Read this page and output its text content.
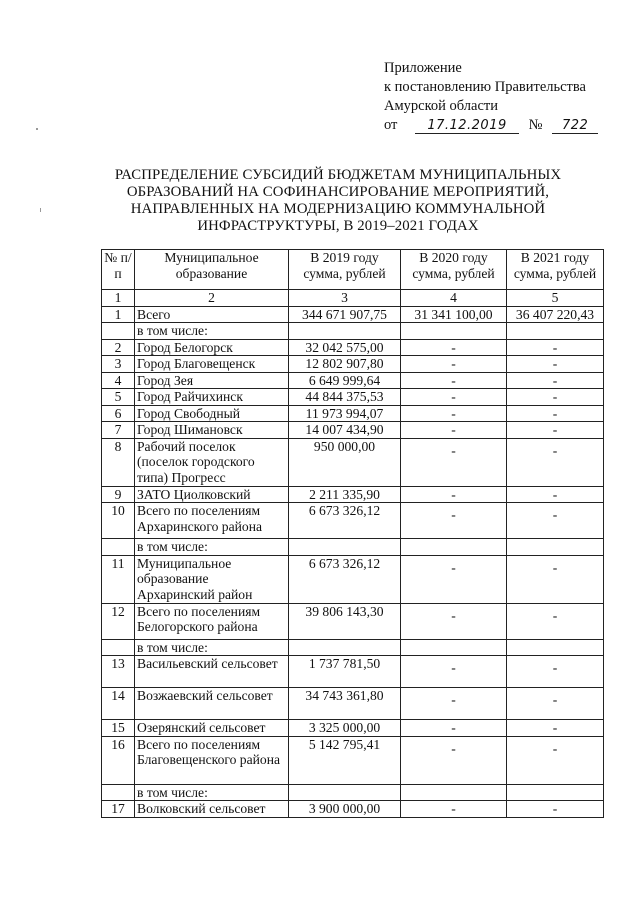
Приложение
к постановлению Правительства
Амурской области
от 17.12.2019 № 722
РАСПРЕДЕЛЕНИЕ СУБСИДИЙ БЮДЖЕТАМ МУНИЦИПАЛЬНЫХ
ОБРАЗОВАНИЙ НА СОФИНАНСИРОВАНИЕ МЕРОПРИЯТИЙ,
НАПРАВЛЕННЫХ НА МОДЕРНИЗАЦИЮ КОММУНАЛЬНОЙ
ИНФРАСТРУКТУРЫ, В 2019–2021 ГОДАХ
№ п/п	Муниципальное образование	В 2019 году сумма, рублей	В 2020 году сумма, рублей	В 2021 году сумма, рублей
1	2	3	4	5
1	Всего	344 671 907,75	31 341 100,00	36 407 220,43
	в том числе:			
2	Город Белогорск	32 042 575,00	-	-
3	Город Благовещенск	12 802 907,80	-	-
4	Город Зея	6 649 999,64	-	-
5	Город Райчихинск	44 844 375,53	-	-
6	Город Свободный	11 973 994,07	-	-
7	Город Шимановск	14 007 434,90	-	-
8	Рабочий поселок (поселок городского типа) Прогресс	950 000,00	-	-
9	ЗАТО Циолковский	2 211 335,90	-	-
10	Всего по поселениям Архаринского района	6 673 326,12	-	-
	в том числе:			
11	Муниципальное образование Архаринский район	6 673 326,12	-	-
12	Всего по поселениям Белогорского района	39 806 143,30	-	-
	в том числе:			
13	Васильевский сельсовет	1 737 781,50	-	-
14	Возжаевский сельсовет	34 743 361,80	-	-
15	Озерянский сельсовет	3 325 000,00	-	-
16	Всего по поселениям Благовещенского района	5 142 795,41	-	-
	в том числе:			
17	Волковский сельсовет	3 900 000,00	-	-
